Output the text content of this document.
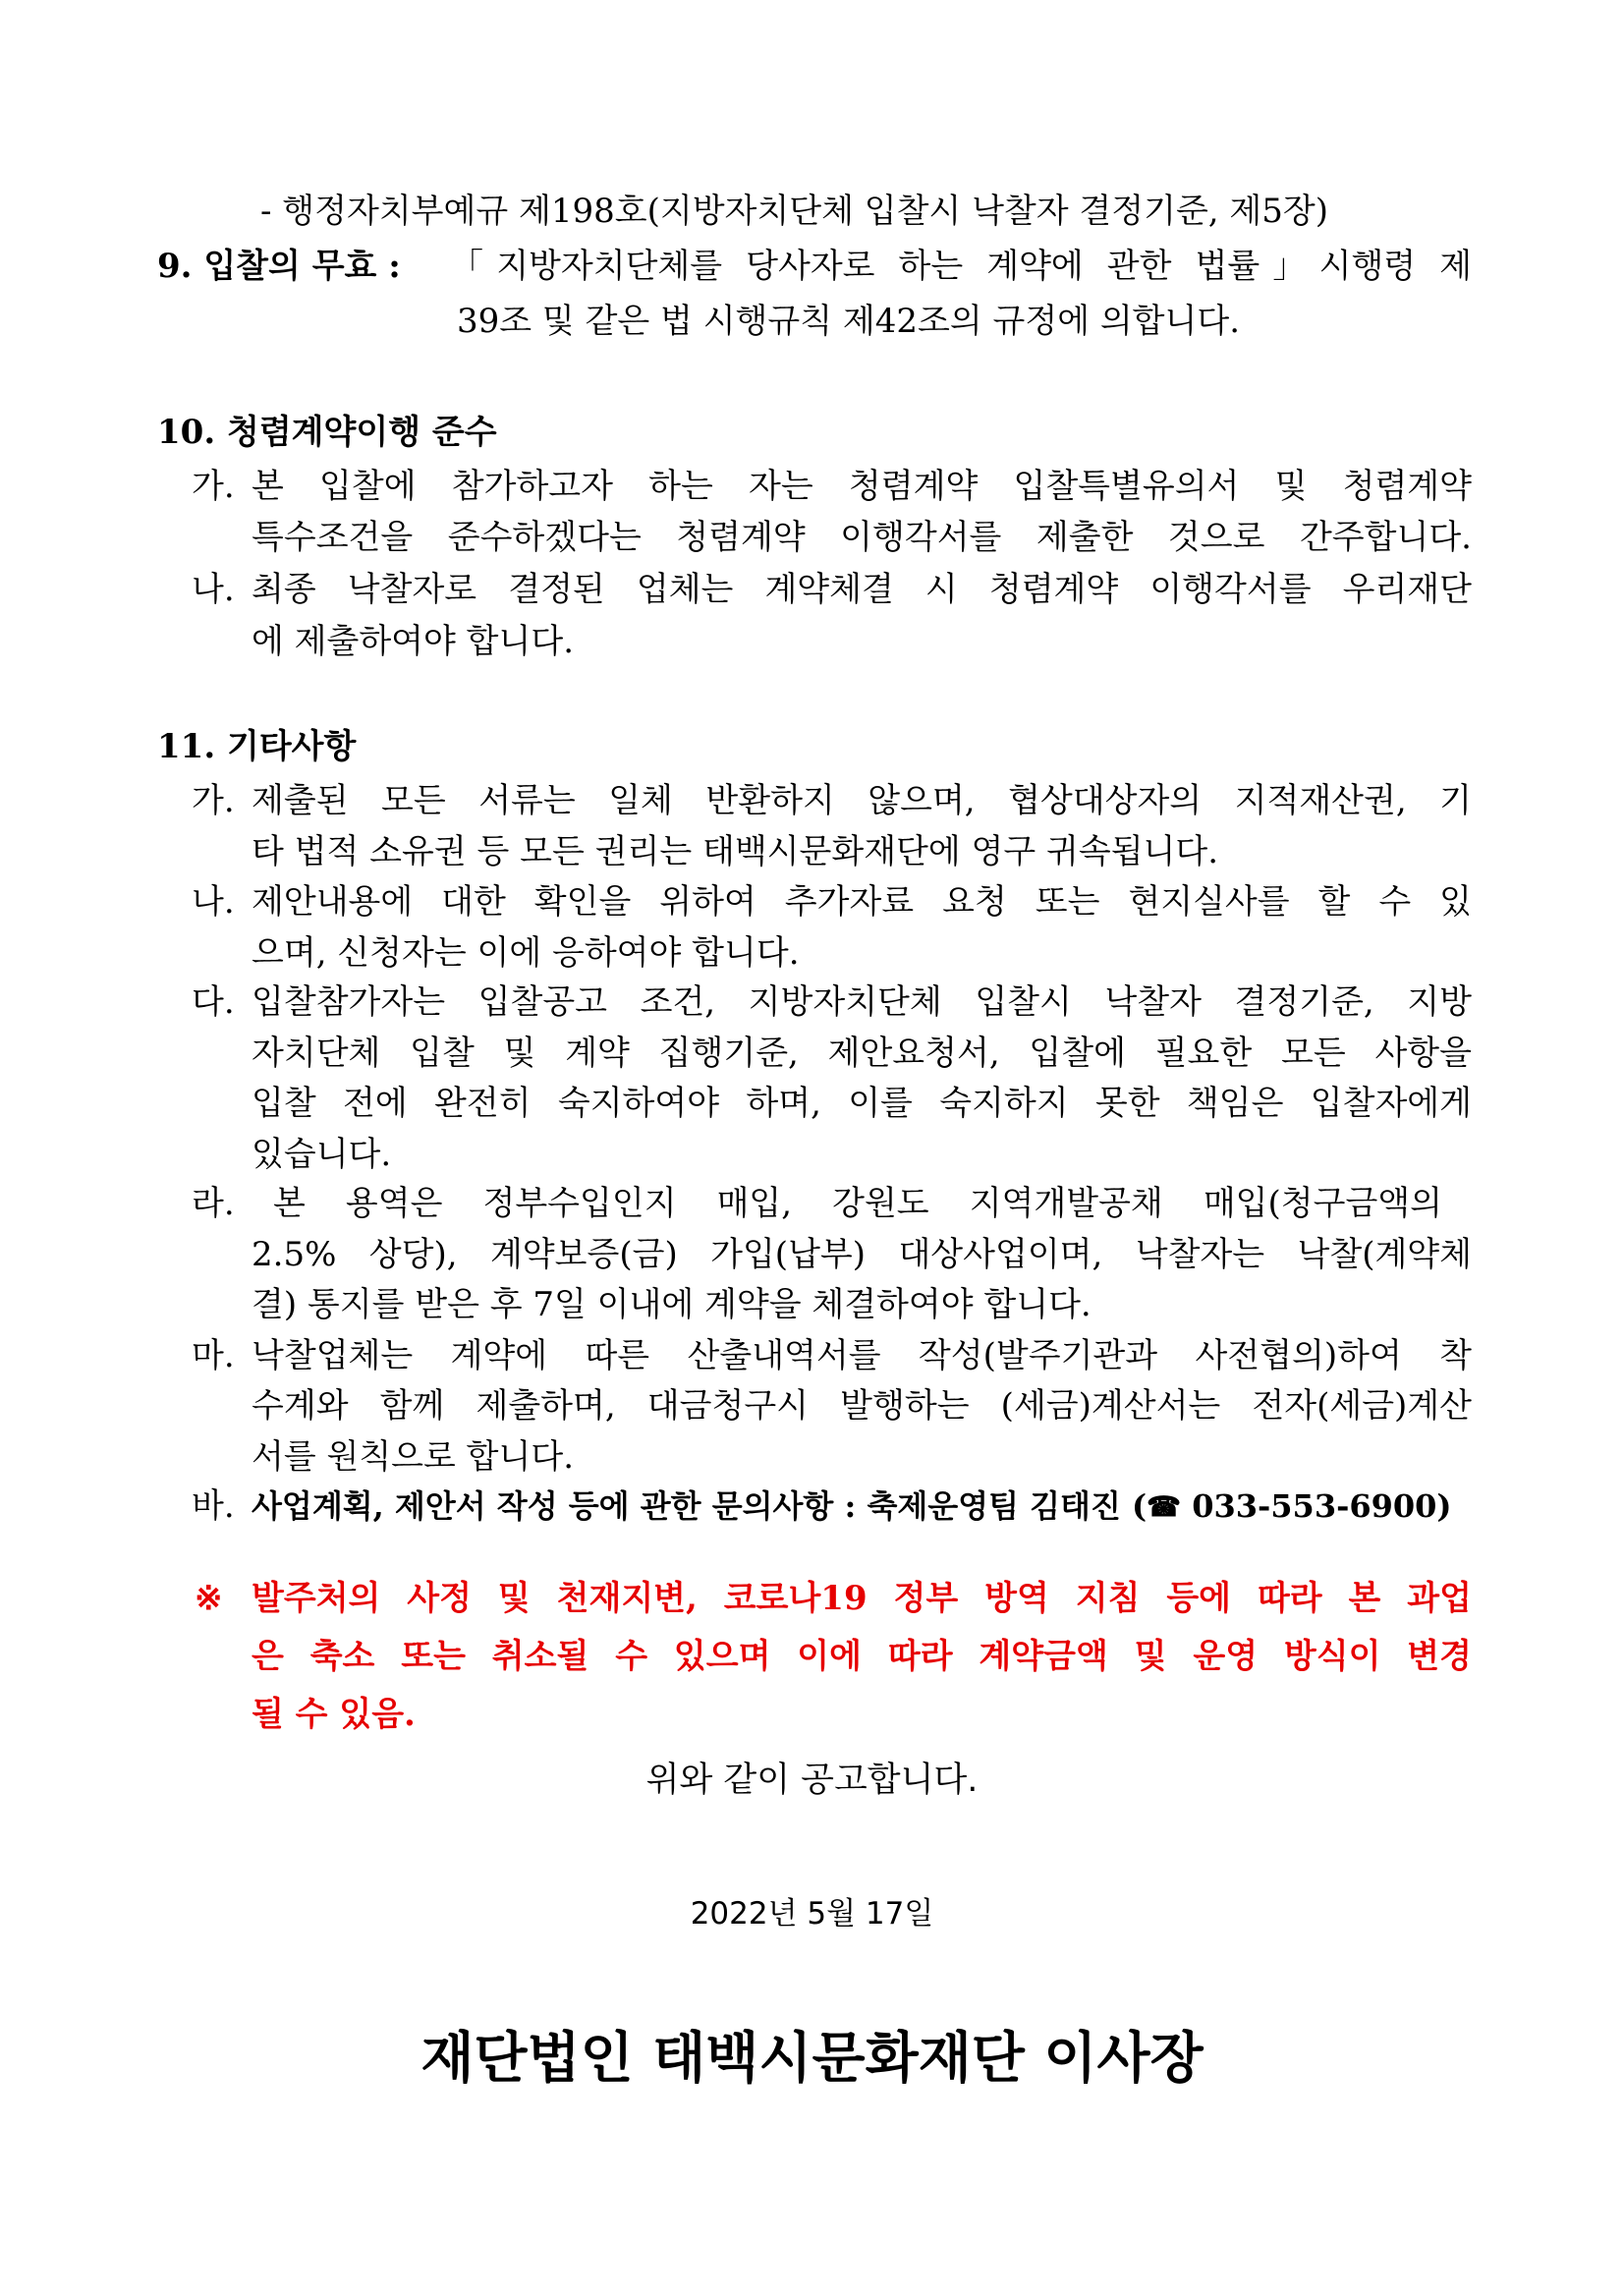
- 행정자치부예규 제198호(지방자치단체 입찰시 낙찰자 결정기준, 제5장)
9. 입찰의 무효 : 「지방자치단체를 당사자로 하는 계약에 관한 법률」시행령 제
39조 및 같은 법 시행규칙 제42조의 규정에 의합니다.
10. 청렴계약이행 준수
가. 본 입찰에 참가하고자 하는 자는 청렴계약 입찰특별유의서 및 청렴계약
특수조건을 준수하겠다는 청렴계약 이행각서를 제출한 것으로 간주합니다.
나. 최종 낙찰자로 결정된 업체는 계약체결 시 청렴계약 이행각서를 우리재단
에 제출하여야 합니다.
11. 기타사항
가. 제출된 모든 서류는 일체 반환하지 않으며, 협상대상자의 지적재산권, 기
타 법적 소유권 등 모든 권리는 태백시문화재단에 영구 귀속됩니다.
나. 제안내용에 대한 확인을 위하여 추가자료 요청 또는 현지실사를 할 수 있
으며, 신청자는 이에 응하여야 합니다.
다. 입찰참가자는 입찰공고 조건, 지방자치단체 입찰시 낙찰자 결정기준, 지방
자치단체 입찰 및 계약 집행기준, 제안요청서, 입찰에 필요한 모든 사항을
입찰 전에 완전히 숙지하여야 하며, 이를 숙지하지 못한 책임은 입찰자에게
있습니다.
라. 본 용역은 정부수입인지 매입, 강원도 지역개발공채 매입(청구금액의
2.5% 상당), 계약보증(금) 가입(납부) 대상사업이며, 낙찰자는 낙찰(계약체
결) 통지를 받은 후 7일 이내에 계약을 체결하여야 합니다.
마. 낙찰업체는 계약에 따른 산출내역서를 작성(발주기관과 사전협의)하여 착
수계와 함께 제출하며, 대금청구시 발행하는 (세금)계산서는 전자(세금)계산
서를 원칙으로 합니다.
바. 사업계획, 제안서 작성 등에 관한 문의사항 : 축제운영팀 김태진 (☎ 033-553-6900)
※ 발주처의 사정 및 천재지변, 코로나19 정부 방역 지침 등에 따라 본 과업
은 축소 또는 취소될 수 있으며 이에 따라 계약금액 및 운영 방식이 변경
될 수 있음.
위와 같이 공고합니다.
2022년 5월 17일
재단법인 태백시문화재단 이사장
